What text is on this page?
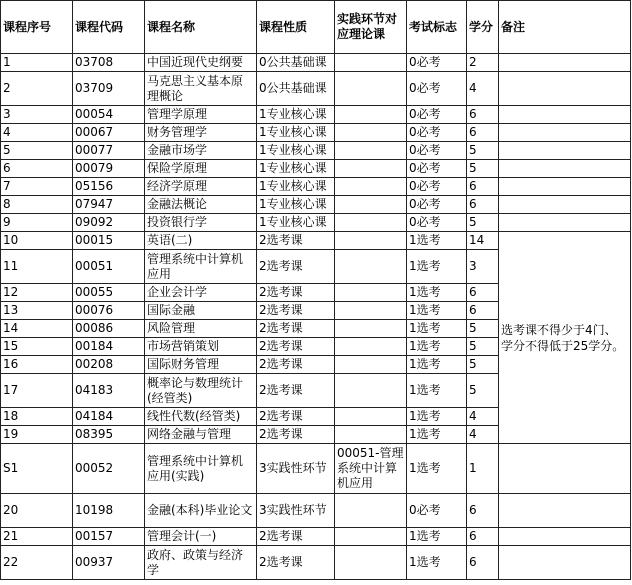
课程序号	课程代码	课程名称	课程性质	实践环节对应理论课	考试标志	学分	备注
1	03708	中国近现代史纲要	0公共基础课		0必考	2	
2	03709	马克思主义基本原理概论	0公共基础课		0必考	4	
3	00054	管理学原理	1专业核心课		0必考	6	
4	00067	财务管理学	1专业核心课		0必考	6	
5	00077	金融市场学	1专业核心课		0必考	5	
6	00079	保险学原理	1专业核心课		0必考	5	
7	05156	经济学原理	1专业核心课		0必考	6	
8	07947	金融法概论	1专业核心课		0必考	6	
9	09092	投资银行学	1专业核心课		0必考	5	
10	00015	英语(二)	2选考课		1选考	14	选考课不得少于4门、学分不得低于25学分。
11	00051	管理系统中计算机应用	2选考课		1选考	3	
12	00055	企业会计学	2选考课		1选考	6	
13	00076	国际金融	2选考课		1选考	6	
14	00086	风险管理	2选考课		1选考	5	
15	00184	市场营销策划	2选考课		1选考	5	
16	00208	国际财务管理	2选考课		1选考	5	
17	04183	概率论与数理统计(经管类)	2选考课		1选考	5	
18	04184	线性代数(经管类)	2选考课		1选考	4	
19	08395	网络金融与管理	2选考课		1选考	4	
S1	00052	管理系统中计算机应用(实践)	3实践性环节	00051-管理系统中计算机应用	1选考	1	
20	10198	金融(本科)毕业论文	3实践性环节		0必考	6	
21	00157	管理会计(一)	2选考课		1选考	6	
22	00937	政府、政策与经济学	2选考课		1选考	6	
